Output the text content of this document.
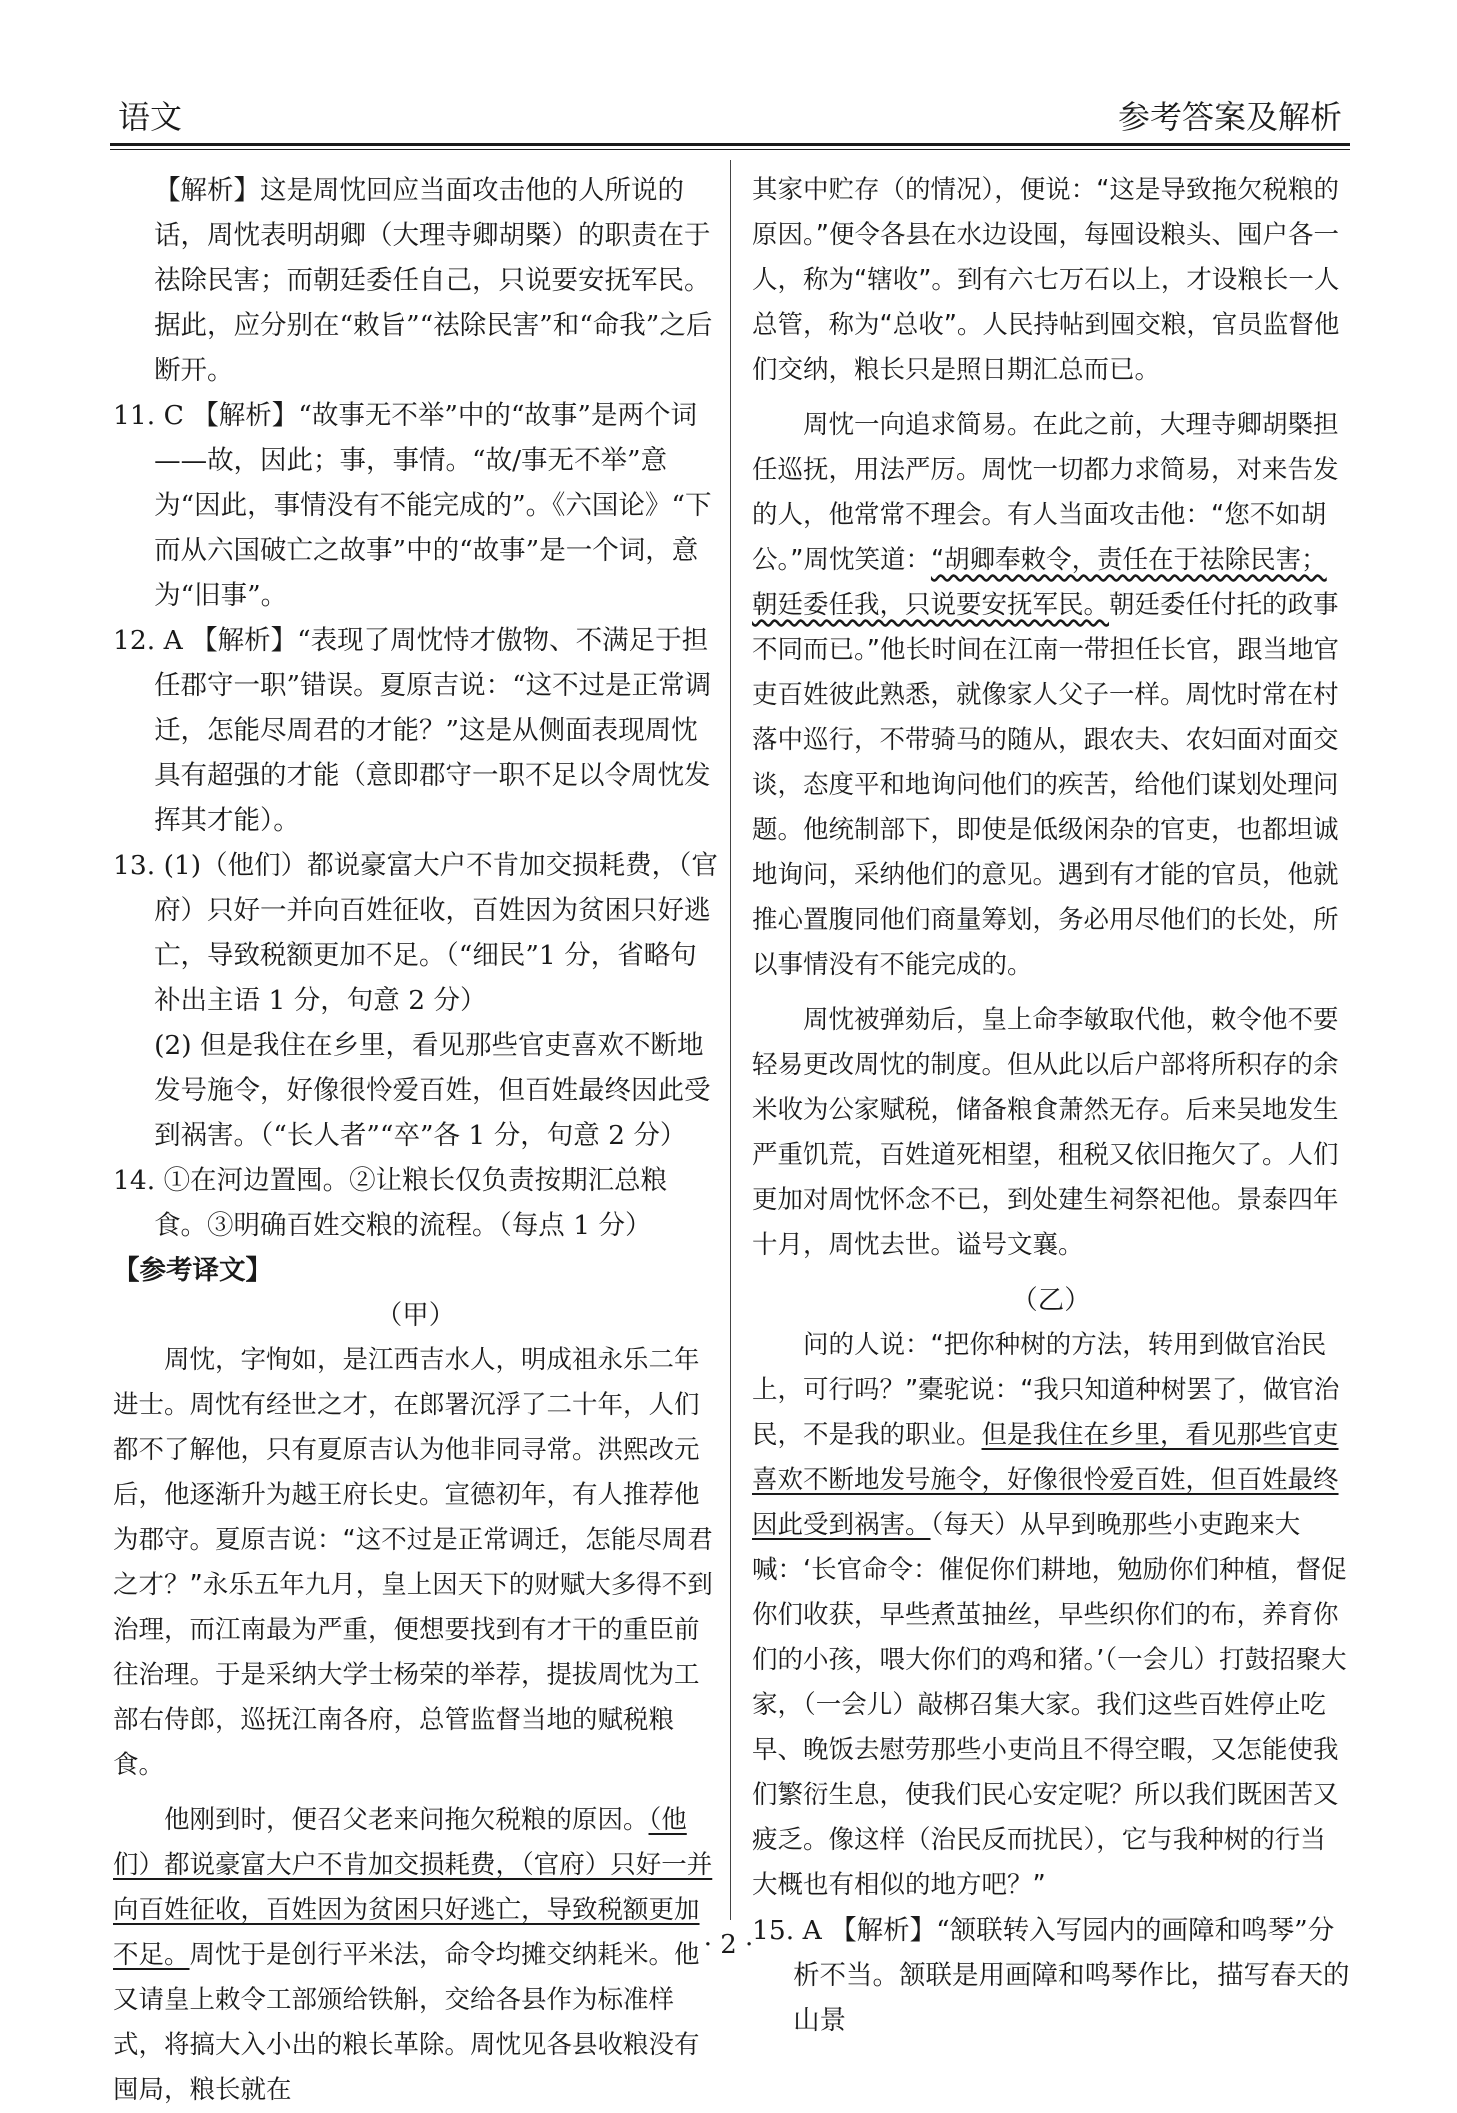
语文	参考答案及解析

【解析】这是周忱回应当面攻击他的人所说的话，周忱表明胡卿（大理寺卿胡槩）的职责在于祛除民害；而朝廷委任自己，只说要安抚军民。据此，应分别在“敕旨”“祛除民害”和“命我”之后断开。

11. C 【解析】“故事无不举”中的“故事”是两个词——故，因此；事，事情。“故/事无不举”意为“因此，事情没有不能完成的”。《六国论》“下而从六国破亡之故事”中的“故事”是一个词，意为“旧事”。

12. A 【解析】“表现了周忱恃才傲物、不满足于担任郡守一职”错误。夏原吉说：“这不过是正常调迁，怎能尽周君的才能？”这是从侧面表现周忱具有超强的才能（意即郡守一职不足以令周忱发挥其才能）。

13. (1)（他们）都说豪富大户不肯加交损耗费，（官府）只好一并向百姓征收，百姓因为贫困只好逃亡，导致税额更加不足。（“细民”1 分，省略句补出主语 1 分，句意 2 分）

(2) 但是我住在乡里，看见那些官吏喜欢不断地发号施令，好像很怜爱百姓，但百姓最终因此受到祸害。（“长人者”“卒”各 1 分，句意 2 分）

14. ①在河边置囤。②让粮长仅负责按期汇总粮食。③明确百姓交粮的流程。（每点 1 分）

【参考译文】

（甲）

周忱，字恂如，是江西吉水人，明成祖永乐二年进士。周忱有经世之才，在郎署沉浮了二十年，人们都不了解他，只有夏原吉认为他非同寻常。洪熙改元后，他逐渐升为越王府长史。宣德初年，有人推荐他为郡守。夏原吉说：“这不过是正常调迁，怎能尽周君之才？”永乐五年九月，皇上因天下的财赋大多得不到治理，而江南最为严重，便想要找到有才干的重臣前往治理。于是采纳大学士杨荣的举荐，提拔周忱为工部右侍郎，巡抚江南各府，总管监督当地的赋税粮食。

他刚到时，便召父老来问拖欠税粮的原因。（他们）都说豪富大户不肯加交损耗费，（官府）只好一并向百姓征收，百姓因为贫困只好逃亡，导致税额更加不足。周忱于是创行平米法，命令均摊交纳耗米。他又请皇上敕令工部颁给铁斛，交给各县作为标准样式，将搞大入小出的粮长革除。周忱见各县收粮没有囤局，粮长就在

其家中贮存（的情况），便说：“这是导致拖欠税粮的原因。”便令各县在水边设囤，每囤设粮头、囤户各一人，称为“辖收”。到有六七万石以上，才设粮长一人总管，称为“总收”。人民持帖到囤交粮，官员监督他们交纳，粮长只是照日期汇总而已。

周忱一向追求简易。在此之前，大理寺卿胡槩担任巡抚，用法严厉。周忱一切都力求简易，对来告发的人，他常常不理会。有人当面攻击他：“您不如胡公。”周忱笑道：“胡卿奉敕令，责任在于祛除民害；朝廷委任我，只说要安抚军民。朝廷委任付托的政事不同而已。”他长时间在江南一带担任长官，跟当地官吏百姓彼此熟悉，就像家人父子一样。周忱时常在村落中巡行，不带骑马的随从，跟农夫、农妇面对面交谈，态度平和地询问他们的疾苦，给他们谋划处理问题。他统制部下，即使是低级闲杂的官吏，也都坦诚地询问，采纳他们的意见。遇到有才能的官员，他就推心置腹同他们商量筹划，务必用尽他们的长处，所以事情没有不能完成的。

周忱被弹劾后，皇上命李敏取代他，敕令他不要轻易更改周忱的制度。但从此以后户部将所积存的余米收为公家赋税，储备粮食萧然无存。后来吴地发生严重饥荒，百姓道死相望，租税又依旧拖欠了。人们更加对周忱怀念不已，到处建生祠祭祀他。景泰四年十月，周忱去世。谥号文襄。

（乙）

问的人说：“把你种树的方法，转用到做官治民上，可行吗？”橐驼说：“我只知道种树罢了，做官治民，不是我的职业。但是我住在乡里，看见那些官吏喜欢不断地发号施令，好像很怜爱百姓，但百姓最终因此受到祸害。（每天）从早到晚那些小吏跑来大喊：‘长官命令：催促你们耕地，勉励你们种植，督促你们收获，早些煮茧抽丝，早些织你们的布，养育你们的小孩，喂大你们的鸡和猪。’（一会儿）打鼓招聚大家，（一会儿）敲梆召集大家。我们这些百姓停止吃早、晚饭去慰劳那些小吏尚且不得空暇，又怎能使我们繁衍生息，使我们民心安定呢？所以我们既困苦又疲乏。像这样（治民反而扰民），它与我种树的行当大概也有相似的地方吧？”

15. A 【解析】“颔联转入写园内的画障和鸣琴”分析不当。颔联是用画障和鸣琴作比，描写春天的山景

· 2 ·
